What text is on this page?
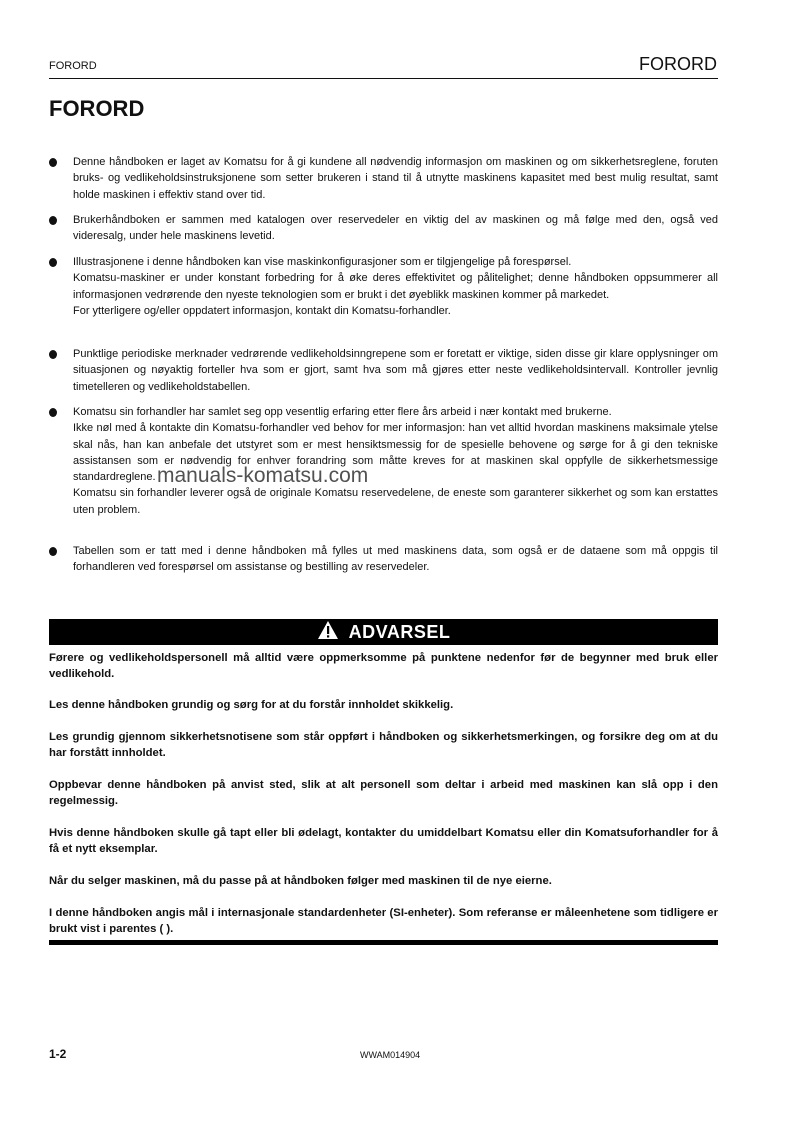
FORORD	FORORD
FORORD

Denne håndboken er laget av Komatsu for å gi kundene all nødvendig informasjon om maskinen og om sikkerhetsreglene, foruten bruks- og vedlikeholdsinstruksjonene som setter brukeren i stand til å utnytte maskinens kapasitet med best mulig resultat, samt holde maskinen i effektiv stand over tid.

Brukerhåndboken er sammen med katalogen over reservedeler en viktig del av maskinen og må følge med den, også ved videresalg, under hele maskinens levetid.

Illustrasjonene i denne håndboken kan vise maskinkonfigurasjoner som er tilgjengelige på forespørsel.

Komatsu-maskiner er under konstant forbedring for å øke deres effektivitet og pålitelighet; denne håndboken oppsummerer all informasjonen vedrørende den nyeste teknologien som er brukt i det øyeblikk maskinen kommer på markedet.

For ytterligere og/eller oppdatert informasjon, kontakt din Komatsu-forhandler.

Punktlige periodiske merknader vedrørende vedlikeholdsinngrepene som er foretatt er viktige, siden disse gir klare opplysninger om situasjonen og nøyaktig forteller hva som er gjort, samt hva som må gjøres etter neste vedlikeholdsintervall. Kontroller jevnlig timetelleren og vedlikeholdstabellen.

Komatsu sin forhandler har samlet seg opp vesentlig erfaring etter flere års arbeid i nær kontakt med brukerne.

Ikke nøl med å kontakte din Komatsu-forhandler ved behov for mer informasjon: han vet alltid hvordan maskinens maksimale ytelse skal nås, han kan anbefale det utstyret som er mest hensiktsmessig for de spesielle behovene og sørge for å gi den tekniske assistansen som er nødvendig for enhver forandring som måtte kreves for at maskinen skal oppfylle de sikkerhetsmessige standardreglene.

Komatsu sin forhandler leverer også de originale Komatsu reservedelene, de eneste som garanterer sikkerhet og som kan erstattes uten problem.

Tabellen som er tatt med i denne håndboken må fylles ut med maskinens data, som også er de dataene som må oppgis til forhandleren ved forespørsel om assistanse og bestilling av reservedeler.

manuals-komatsu.com
ADVARSEL
Førere og vedlikeholdspersonell må alltid være oppmerksomme på punktene nedenfor før de begynner med bruk eller vedlikehold.
Les denne håndboken grundig og sørg for at du forstår innholdet skikkelig.
Les grundig gjennom sikkerhetsnotisene som står oppført i håndboken og sikkerhetsmerkingen, og forsikre deg om at du har forstått innholdet.
Oppbevar denne håndboken på anvist sted, slik at alt personell som deltar i arbeid med maskinen kan slå opp i den regelmessig.
Hvis denne håndboken skulle gå tapt eller bli ødelagt, kontakter du umiddelbart Komatsu eller din Komatsuforhandler for å få et nytt eksemplar.
Når du selger maskinen, må du passe på at håndboken følger med maskinen til de nye eierne.
I denne håndboken angis mål i internasjonale standardenheter (SI-enheter). Som referanse er måleenhetene som tidligere er brukt vist i parentes ( ).
1-2	WWAM014904
